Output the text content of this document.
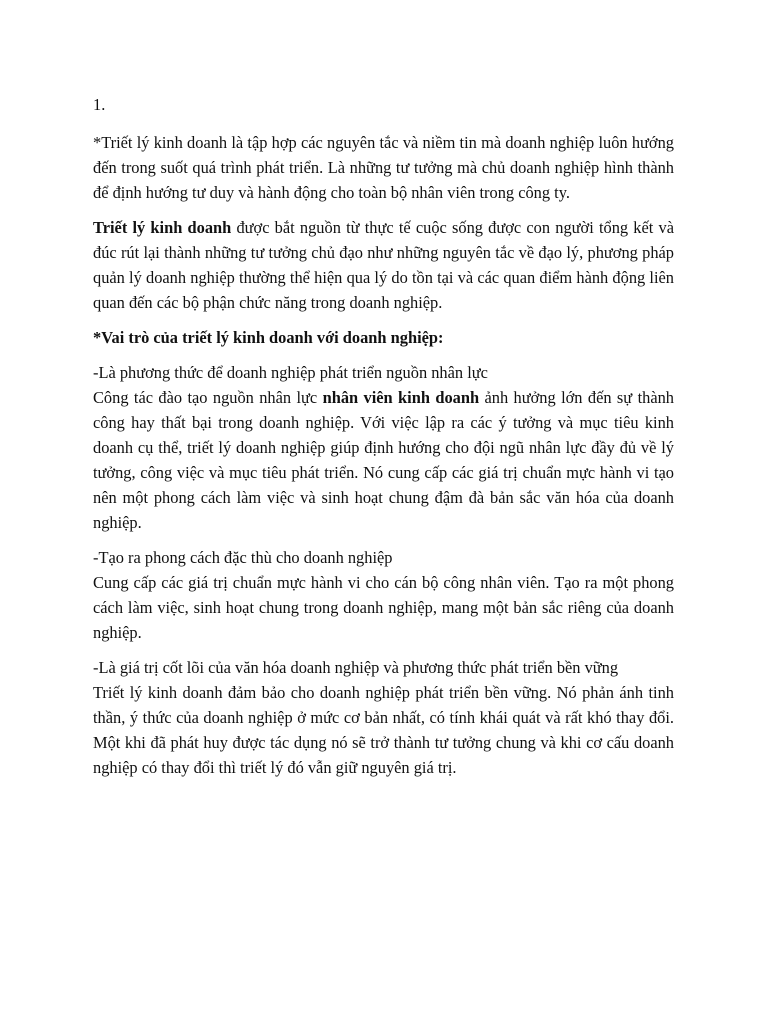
1.

*Triết lý kinh doanh là tập hợp các nguyên tắc và niềm tin mà doanh nghiệp luôn hướng đến trong suốt quá trình phát triển. Là những tư tưởng mà chủ doanh nghiệp hình thành để định hướng tư duy và hành động cho toàn bộ nhân viên trong công ty.

Triết lý kinh doanh được bắt nguồn từ thực tế cuộc sống được con người tổng kết và đúc rút lại thành những tư tưởng chủ đạo như những nguyên tắc về đạo lý, phương pháp quản lý doanh nghiệp thường thể hiện qua lý do tồn tại và các quan điểm hành động liên quan đến các bộ phận chức năng trong doanh nghiệp.

*Vai trò của triết lý kinh doanh với doanh nghiệp:

-Là phương thức để doanh nghiệp phát triển nguồn nhân lực

Công tác đào tạo nguồn nhân lực nhân viên kinh doanh ảnh hưởng lớn đến sự thành công hay thất bại trong doanh nghiệp. Với việc lập ra các ý tưởng và mục tiêu kinh doanh cụ thể, triết lý doanh nghiệp giúp định hướng cho đội ngũ nhân lực đầy đủ về lý tưởng, công việc và mục tiêu phát triển. Nó cung cấp các giá trị chuẩn mực hành vi tạo nên một phong cách làm việc và sinh hoạt chung đậm đà bản sắc văn hóa của doanh nghiệp.

-Tạo ra phong cách đặc thù cho doanh nghiệp

Cung cấp các giá trị chuẩn mực hành vi cho cán bộ công nhân viên. Tạo ra một phong cách làm việc, sinh hoạt chung trong doanh nghiệp, mang một bản sắc riêng của doanh nghiệp.

-Là giá trị cốt lõi của văn hóa doanh nghiệp và phương thức phát triển bền vững

Triết lý kinh doanh đảm bảo cho doanh nghiệp phát triển bền vững. Nó phản ánh tinh thần, ý thức của doanh nghiệp ở mức cơ bản nhất, có tính khái quát và rất khó thay đổi. Một khi đã phát huy được tác dụng nó sẽ trở thành tư tưởng chung và khi cơ cấu doanh nghiệp có thay đổi thì triết lý đó vẫn giữ nguyên giá trị.
